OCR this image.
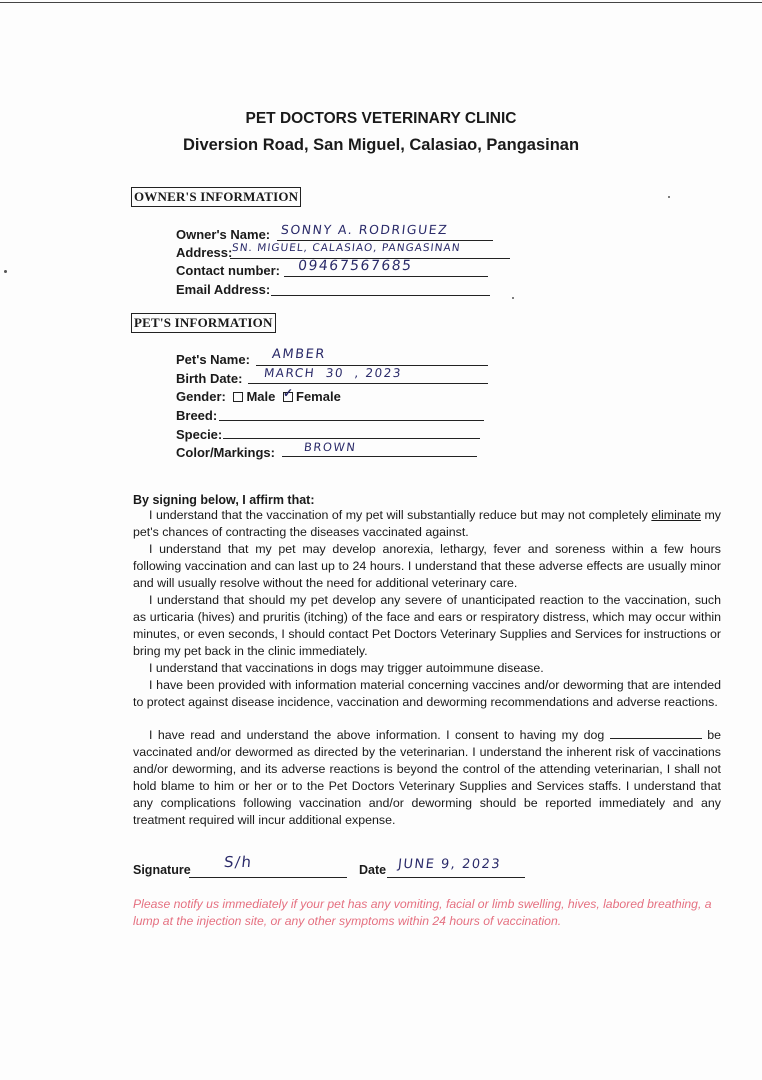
PET DOCTORS VETERINARY CLINIC
Diversion Road, San Miguel, Calasiao, Pangasinan
OWNER'S INFORMATION
Owner's Name: SONNY A. RODRIGUEZ
Address: SN. MIGUEL, CALASIAO, PANGASINAN
Contact number: 09467567685
Email Address:
PET'S INFORMATION
Pet's Name: AMBER
Birth Date: MARCH  30  , 2023
Gender: Male ✓ Female
Breed:
Specie:
Color/Markings: BROWN
By signing below, I affirm that:
I understand that the vaccination of my pet will substantially reduce but may not completely eliminate my pet's chances of contracting the diseases vaccinated against.
I understand that my pet may develop anorexia, lethargy, fever and soreness within a few hours following vaccination and can last up to 24 hours. I understand that these adverse effects are usually minor and will usually resolve without the need for additional veterinary care.
I understand that should my pet develop any severe of unanticipated reaction to the vaccination, such as urticaria (hives) and pruritis (itching) of the face and ears or respiratory distress, which may occur within minutes, or even seconds, I should contact Pet Doctors Veterinary Supplies and Services for instructions or bring my pet back in the clinic immediately.
I understand that vaccinations in dogs may trigger autoimmune disease.
I have been provided with information material concerning vaccines and/or deworming that are intended to protect against disease incidence, vaccination and deworming recommendations and adverse reactions.
I have read and understand the above information. I consent to having my dog	be vaccinated and/or dewormed as directed by the veterinarian. I understand the inherent risk of vaccinations and/or deworming, and its adverse reactions is beyond the control of the attending veterinarian, I shall not hold blame to him or her or to the Pet Doctors Veterinary Supplies and Services staffs. I understand that any complications following vaccination and/or deworming should be reported immediately and any treatment required will incur additional expense.
Signature S/h	Date JUNE 9, 2023
Please notify us immediately if your pet has any vomiting, facial or limb swelling, hives, labored breathing, a lump at the injection site, or any other symptoms within 24 hours of vaccination.
